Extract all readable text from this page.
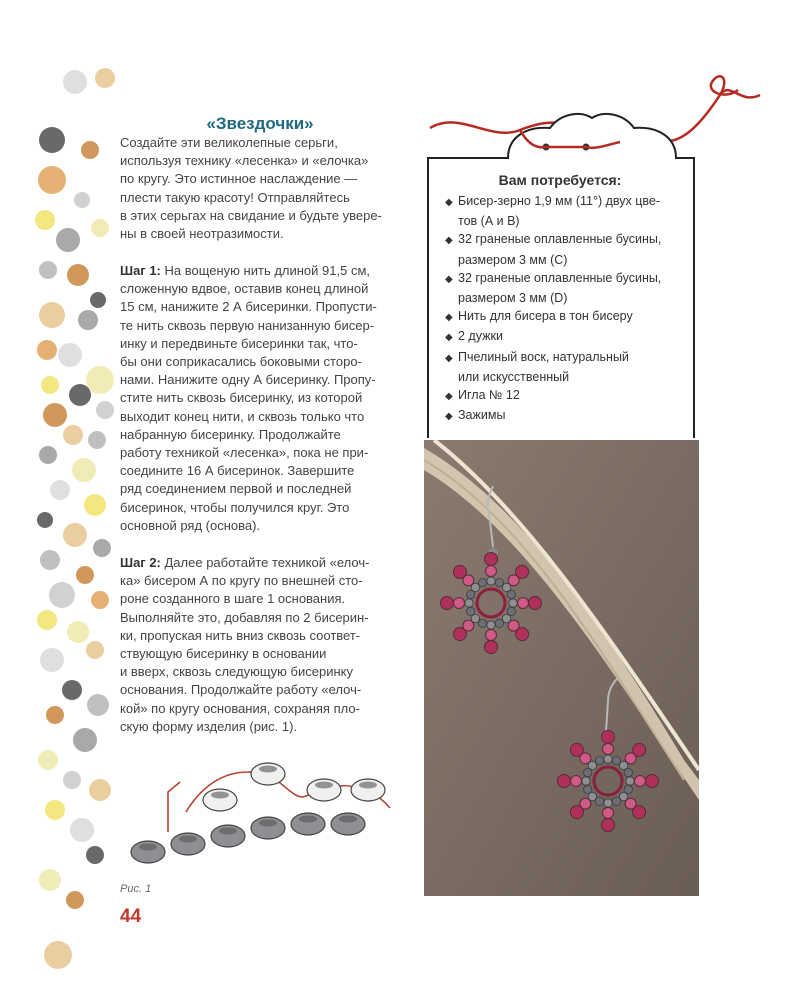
«Звездочки»
Создайте эти великолепные серьги,
используя технику «лесенка» и «елочка»
по кругу. Это истинное наслаждение —
плести такую красоту! Отправляйтесь
в этих серьгах на свидание и будьте увере-
ны в своей неотразимости.
Шаг 1: На вощеную нить длиной 91,5 см,
сложенную вдвое, оставив конец длиной
15 см, нанижите 2 А бисеринки. Пропусти-
те нить сквозь первую нанизанную бисер-
инку и передвиньте бисеринки так, что-
бы они соприкасались боковыми сторо-
нами. Нанижите одну А бисеринку. Пропу-
стите нить сквозь бисеринку, из которой
выходит конец нити, и сквозь только что
набранную бисеринку. Продолжайте
работу техникой «лесенка», пока не при-
соедините 16 А бисеринок. Завершите
ряд соединением первой и последней
бисеринок, чтобы получился круг. Это
основной ряд (основа).
Шаг 2: Далее работайте техникой «елоч-
ка» бисером А по кругу по внешней сто-
роне созданного в шаге 1 основания.
Выполняйте это, добавляя по 2 бисерин-
ки, пропуская нить вниз сквозь соответ-
ствующую бисеринку в основании
и вверх, сквозь следующую бисеринку
основания. Продолжайте работу «елоч-
кой» по кругу основания, сохраняя пло-
скую форму изделия (рис. 1).
Вам потребуется:
◆ Бисер-зерно 1,9 мм (11°) двух цве-
тов (А и В)
◆ 32 граненые оплавленные бусины,
размером 3 мм (С)
◆ 32 граненые оплавленные бусины,
размером 3 мм (D)
◆ Нить для бисера в тон бисеру
◆ 2 дужки
◆ Пчелиный воск, натуральный
или искусственный
◆ Игла № 12
◆ Зажимы
Рис. 1
44
